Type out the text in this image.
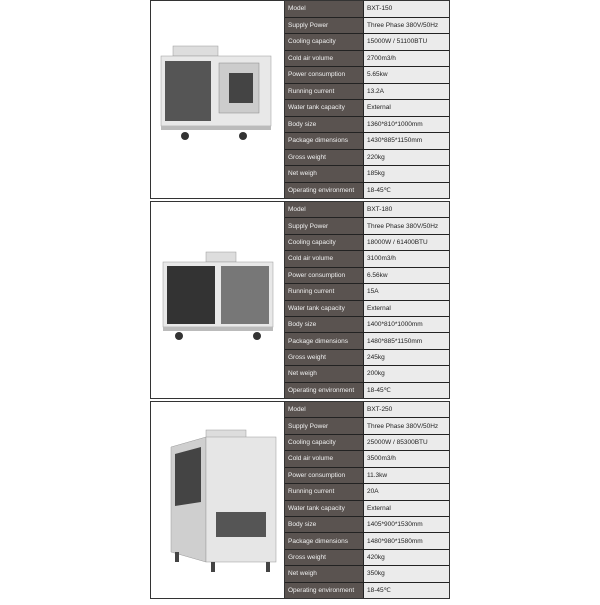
Model	BXT-150
Supply Power	Three Phase 380V/50Hz
Cooling capacity	15000W / 51100BTU
Cold air volume	2700m3/h
Power consumption	5.65kw
Running current	13.2A
Water tank capacity	External
Body size	1360*810*1000mm
Package dimensions	1430*885*1150mm
Gross weight	220kg
Net weigh	185kg
Operating environment	18-45℃
Model	BXT-180
Supply Power	Three Phase 380V/50Hz
Cooling capacity	18000W / 61400BTU
Cold air volume	3100m3/h
Power consumption	6.56kw
Running current	15A
Water tank capacity	External
Body size	1400*810*1000mm
Package dimensions	1480*885*1150mm
Gross weight	245kg
Net weigh	200kg
Operating environment	18-45℃
Model	BXT-250
Supply Power	Three Phase 380V/50Hz
Cooling capacity	25000W / 85300BTU
Cold air volume	3500m3/h
Power consumption	11.3kw
Running current	20A
Water tank capacity	External
Body size	1405*900*1530mm
Package dimensions	1480*980*1580mm
Gross weight	420kg
Net weigh	350kg
Operating environment	18-45℃
